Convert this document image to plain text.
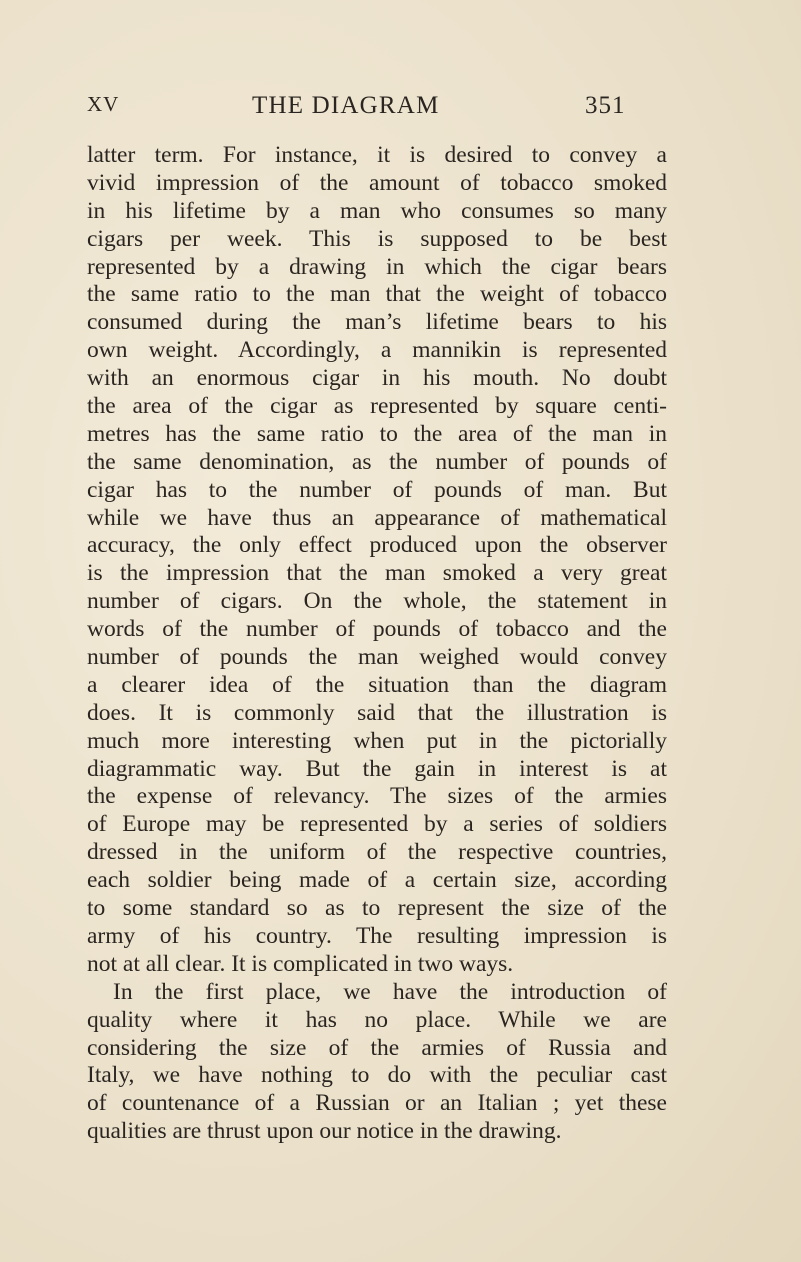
XV	THE DIAGRAM	351
latter term. For instance, it is desired to convey a
vivid impression of the amount of tobacco smoked
in his lifetime by a man who consumes so many
cigars per week. This is supposed to be best
represented by a drawing in which the cigar bears
the same ratio to the man that the weight of tobacco
consumed during the man’s lifetime bears to his
own weight. Accordingly, a mannikin is represented
with an enormous cigar in his mouth. No doubt
the area of the cigar as represented by square centi-
metres has the same ratio to the area of the man in
the same denomination, as the number of pounds of
cigar has to the number of pounds of man. But
while we have thus an appearance of mathematical
accuracy, the only effect produced upon the observer
is the impression that the man smoked a very great
number of cigars. On the whole, the statement in
words of the number of pounds of tobacco and the
number of pounds the man weighed would convey
a clearer idea of the situation than the diagram
does. It is commonly said that the illustration is
much more interesting when put in the pictorially
diagrammatic way. But the gain in interest is at
the expense of relevancy. The sizes of the armies
of Europe may be represented by a series of soldiers
dressed in the uniform of the respective countries,
each soldier being made of a certain size, according
to some standard so as to represent the size of the
army of his country. The resulting impression is
not at all clear. It is complicated in two ways.
In the first place, we have the introduction of
quality where it has no place. While we are
considering the size of the armies of Russia and
Italy, we have nothing to do with the peculiar cast
of countenance of a Russian or an Italian ; yet these
qualities are thrust upon our notice in the drawing.
